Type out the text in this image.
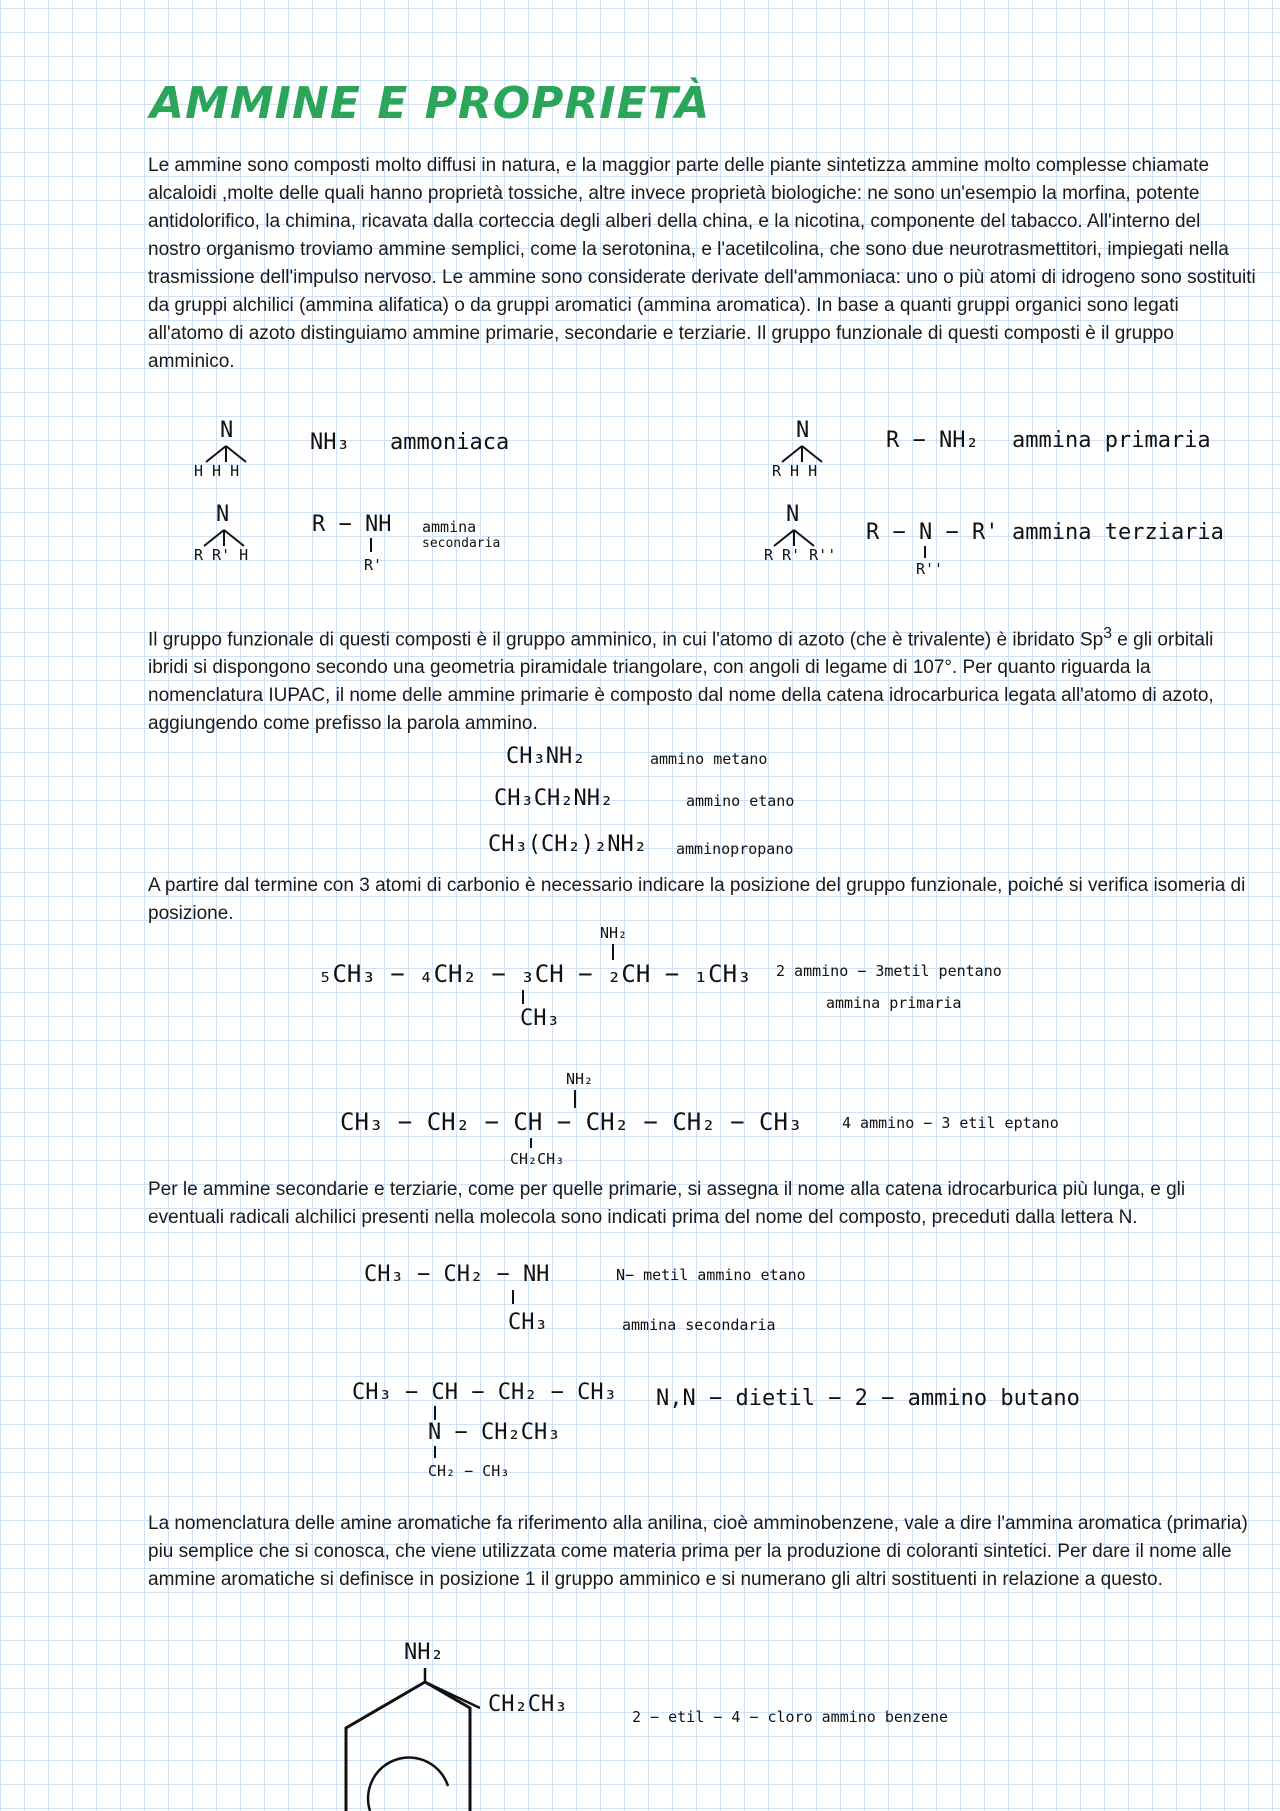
AMMINE E PROPRIETÀ

Le ammine sono composti molto diffusi in natura, e la maggior parte delle piante sintetizza ammine molto complesse chiamate alcaloidi ,molte delle quali hanno proprietà tossiche, altre invece proprietà biologiche: ne sono un'esempio la morfina, potente antidolorifico, la chimina, ricavata dalla corteccia degli alberi della china, e la nicotina, componente del tabacco. All'interno del nostro organismo troviamo ammine semplici, come la serotonina, e l'acetilcolina, che sono due neurotrasmettitori, impiegati nella trasmissione dell'impulso nervoso. Le ammine sono considerate derivate dell'ammoniaca: uno o più atomi di idrogeno sono sostituiti da gruppi alchilici (ammina alifatica) o da gruppi aromatici (ammina aromatica). In base a quanti gruppi organici sono legati all'atomo di azoto distinguiamo ammine primarie, secondarie e terziarie. Il gruppo funzionale di questi composti è il gruppo amminico.

N
H H H
NH₃ ammoniaca	N
R H H
R − NH₂ ammina primaria
N
R R' H
R − NH
R'
ammina
secondaria
N
R R' R''
R − N − R'
R''
ammina terziaria

Il gruppo funzionale di questi composti è il gruppo amminico, in cui l'atomo di azoto (che è trivalente) è ibridato Sp$^3$ e gli orbitali ibridi si dispongono secondo una geometria piramidale triangolare, con angoli di legame di 107°. Per quanto riguarda la nomenclatura IUPAC, il nome delle ammine primarie è composto dal nome della catena idrocarburica legata all'atomo di azoto, aggiungendo come prefisso la parola ammino.

CH₃NH₂	ammino metano
CH₃CH₂NH₂	ammino etano
CH₃(CH₂)₂NH₂ amminopropano

A partire dal termine con 3 atomi di carbonio è necessario indicare la posizione del gruppo funzionale, poiché si verifica isomeria di posizione.

NH₂
₅CH₃ − ₄CH₂ − ₃CH − ₂CH − ₁CH₃
CH₃
2 ammino − 3metil pentano
ammina primaria
NH₂
CH₃ − CH₂ − CH − CH₂ − CH₂ − CH₃
CH₂CH₃
4 ammino − 3 etil eptano

Per le ammine secondarie e terziarie, come per quelle primarie, si assegna il nome alla catena idrocarburica più lunga, e gli eventuali radicali alchilici presenti nella molecola sono indicati prima del nome del composto, preceduti dalla lettera N.

CH₃ − CH₂ − NH
CH₃
N− metil ammino etano
ammina secondaria
CH₃ − CH − CH₂ − CH₃
N − CH₂CH₃
CH₂ − CH₃
N,N − dietil − 2 − ammino butano

La nomenclatura delle amine aromatiche fa riferimento alla anilina, cioè amminobenzene, vale a dire l'ammina aromatica (primaria) piu semplice che si conosca, che viene utilizzata come materia prima per la produzione di coloranti sintetici. Per dare il nome alle ammine aromatiche si definisce in posizione 1 il gruppo amminico e si numerano gli altri sostituenti in relazione a questo.

NH₂
CH₂CH₃	2 − etil − 4 − cloro ammino benzene
